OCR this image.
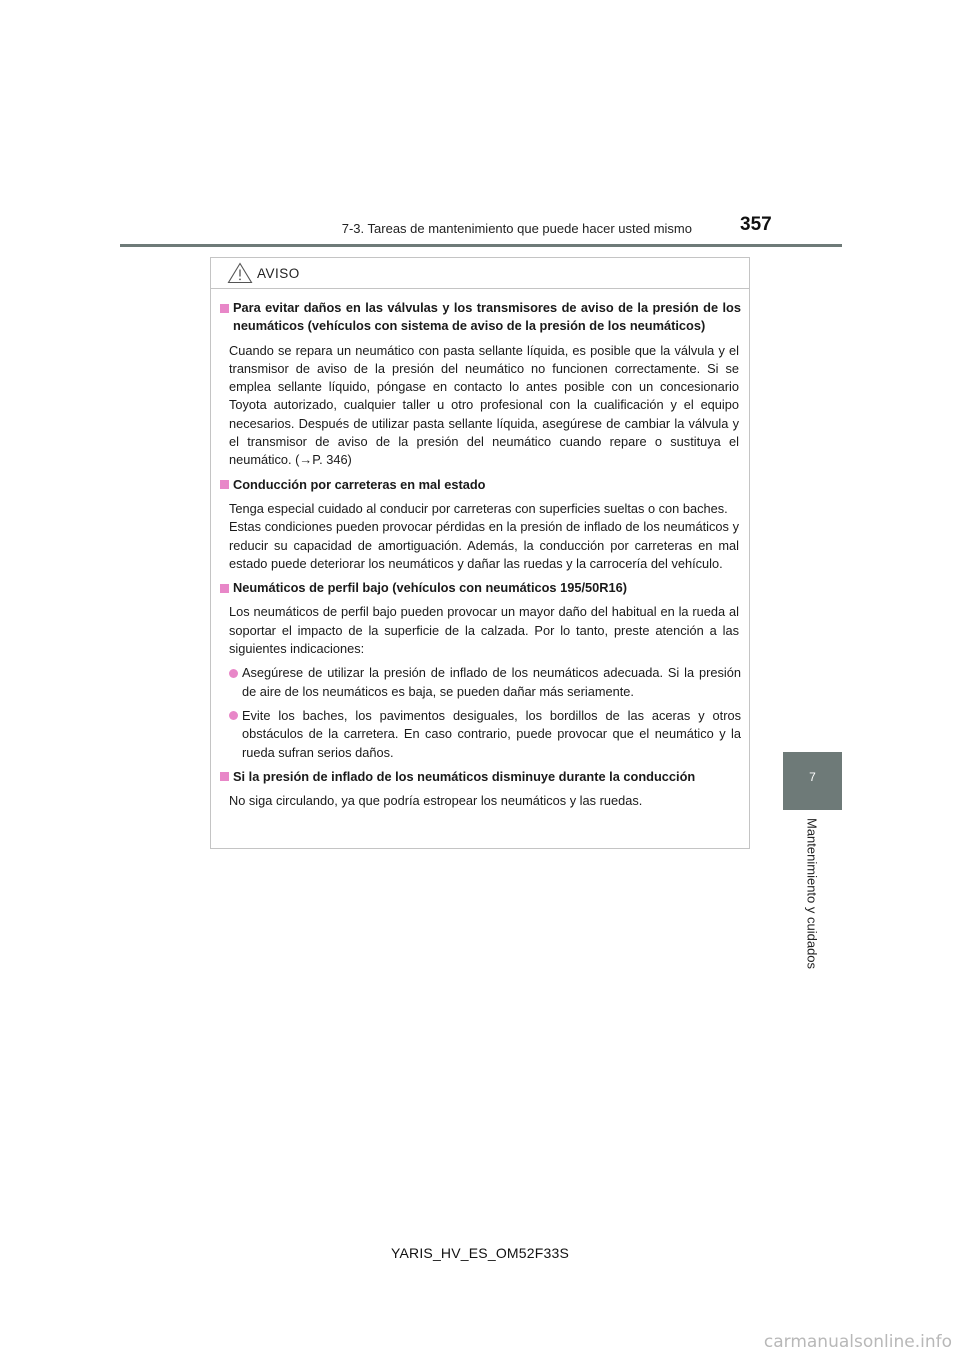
7-3. Tareas de mantenimiento que puede hacer usted mismo	357
7
Mantenimiento y cuidados
AVISO
Para evitar daños en las válvulas y los transmisores de aviso de la presión de los neumáticos (vehículos con sistema de aviso de la presión de los neumáticos)
Cuando se repara un neumático con pasta sellante líquida, es posible que la válvula y el transmisor de aviso de la presión del neumático no funcionen correctamente. Si se emplea sellante líquido, póngase en contacto lo antes posible con un concesionario Toyota autorizado, cualquier taller u otro profesional con la cualificación y el equipo necesarios. Después de utilizar pasta sellante líquida, asegúrese de cambiar la válvula y el transmisor de aviso de la presión del neumático cuando repare o sustituya el neumático. (→P. 346)
Conducción por carreteras en mal estado
Tenga especial cuidado al conducir por carreteras con superficies sueltas o con baches.
Estas condiciones pueden provocar pérdidas en la presión de inflado de los neumáticos y reducir su capacidad de amortiguación. Además, la conducción por carreteras en mal estado puede deteriorar los neumáticos y dañar las ruedas y la carrocería del vehículo.
Neumáticos de perfil bajo (vehículos con neumáticos 195/50R16)
Los neumáticos de perfil bajo pueden provocar un mayor daño del habitual en la rueda al soportar el impacto de la superficie de la calzada. Por lo tanto, preste atención a las siguientes indicaciones:
Asegúrese de utilizar la presión de inflado de los neumáticos adecuada. Si la presión de aire de los neumáticos es baja, se pueden dañar más seriamente.
Evite los baches, los pavimentos desiguales, los bordillos de las aceras y otros obstáculos de la carretera. En caso contrario, puede provocar que el neumático y la rueda sufran serios daños.
Si la presión de inflado de los neumáticos disminuye durante la conducción
No siga circulando, ya que podría estropear los neumáticos y las ruedas.
YARIS_HV_ES_OM52F33S
carmanualsonline.info
